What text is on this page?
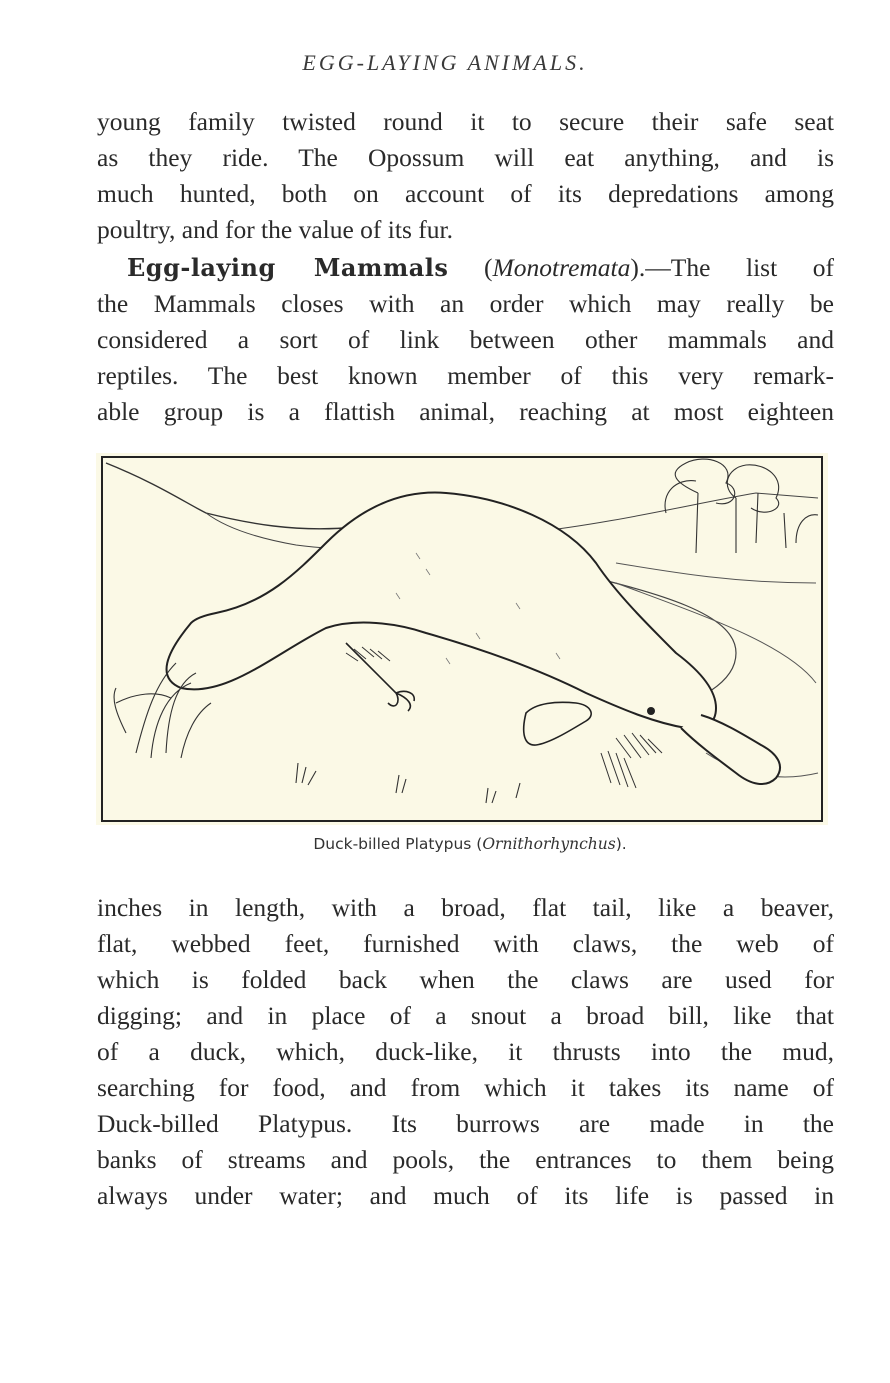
EGG-LAYING ANIMALS.
young family twisted round it to secure their safe seat
as they ride. The Opossum will eat anything, and is
much hunted, both on account of its depredations among
poultry, and for the value of its fur.
Egg-laying Mammals (Monotremata).—The list of
the Mammals closes with an order which may really be
considered a sort of link between other mammals and
reptiles. The best known member of this very remark-
able group is a flattish animal, reaching at most eighteen
Duck-billed Platypus (Ornithorhynchus).
inches in length, with a broad, flat tail, like a beaver,
flat, webbed feet, furnished with claws, the web of
which is folded back when the claws are used for
digging; and in place of a snout a broad bill, like that
of a duck, which, duck-like, it thrusts into the mud,
searching for food, and from which it takes its name of
Duck-billed Platypus. Its burrows are made in the
banks of streams and pools, the entrances to them being
always under water; and much of its life is passed in
